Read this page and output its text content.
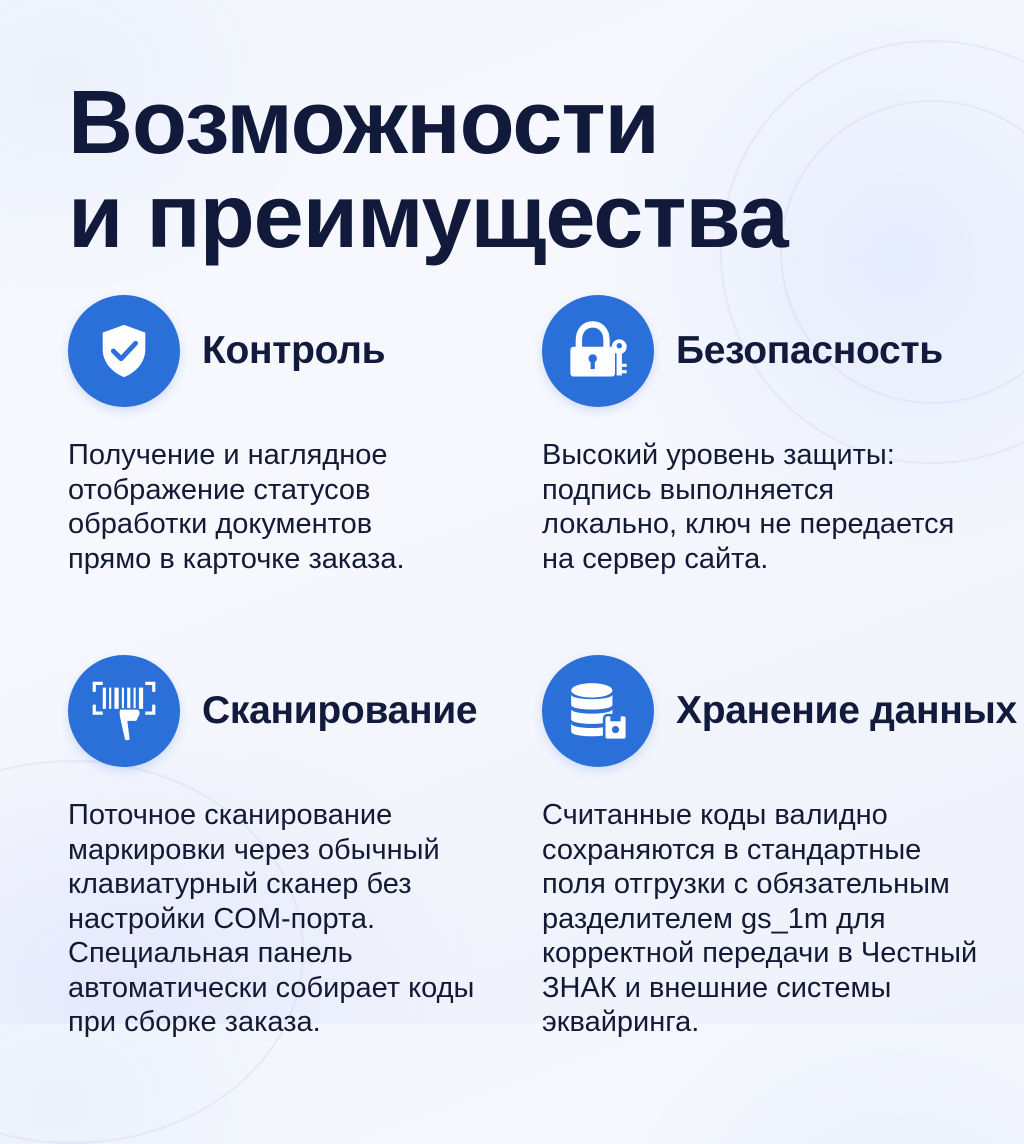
Возможности
и преимущества
Контроль
Получение и наглядное
отображение статусов
обработки документов
прямо в карточке заказа.
Безопасность
Высокий уровень защиты:
подпись выполняется
локально, ключ не передается
на сервер сайта.
Сканирование
Поточное сканирование
маркировки через обычный
клавиатурный сканер без
настройки COM-порта.
Специальная панель
автоматически собирает коды
при сборке заказа.
Хранение данных
Считанные коды валидно
сохраняются в стандартные
поля отгрузки с обязательным
разделителем gs_1m для
корректной передачи в Честный
ЗНАК и внешние системы
эквайринга.
